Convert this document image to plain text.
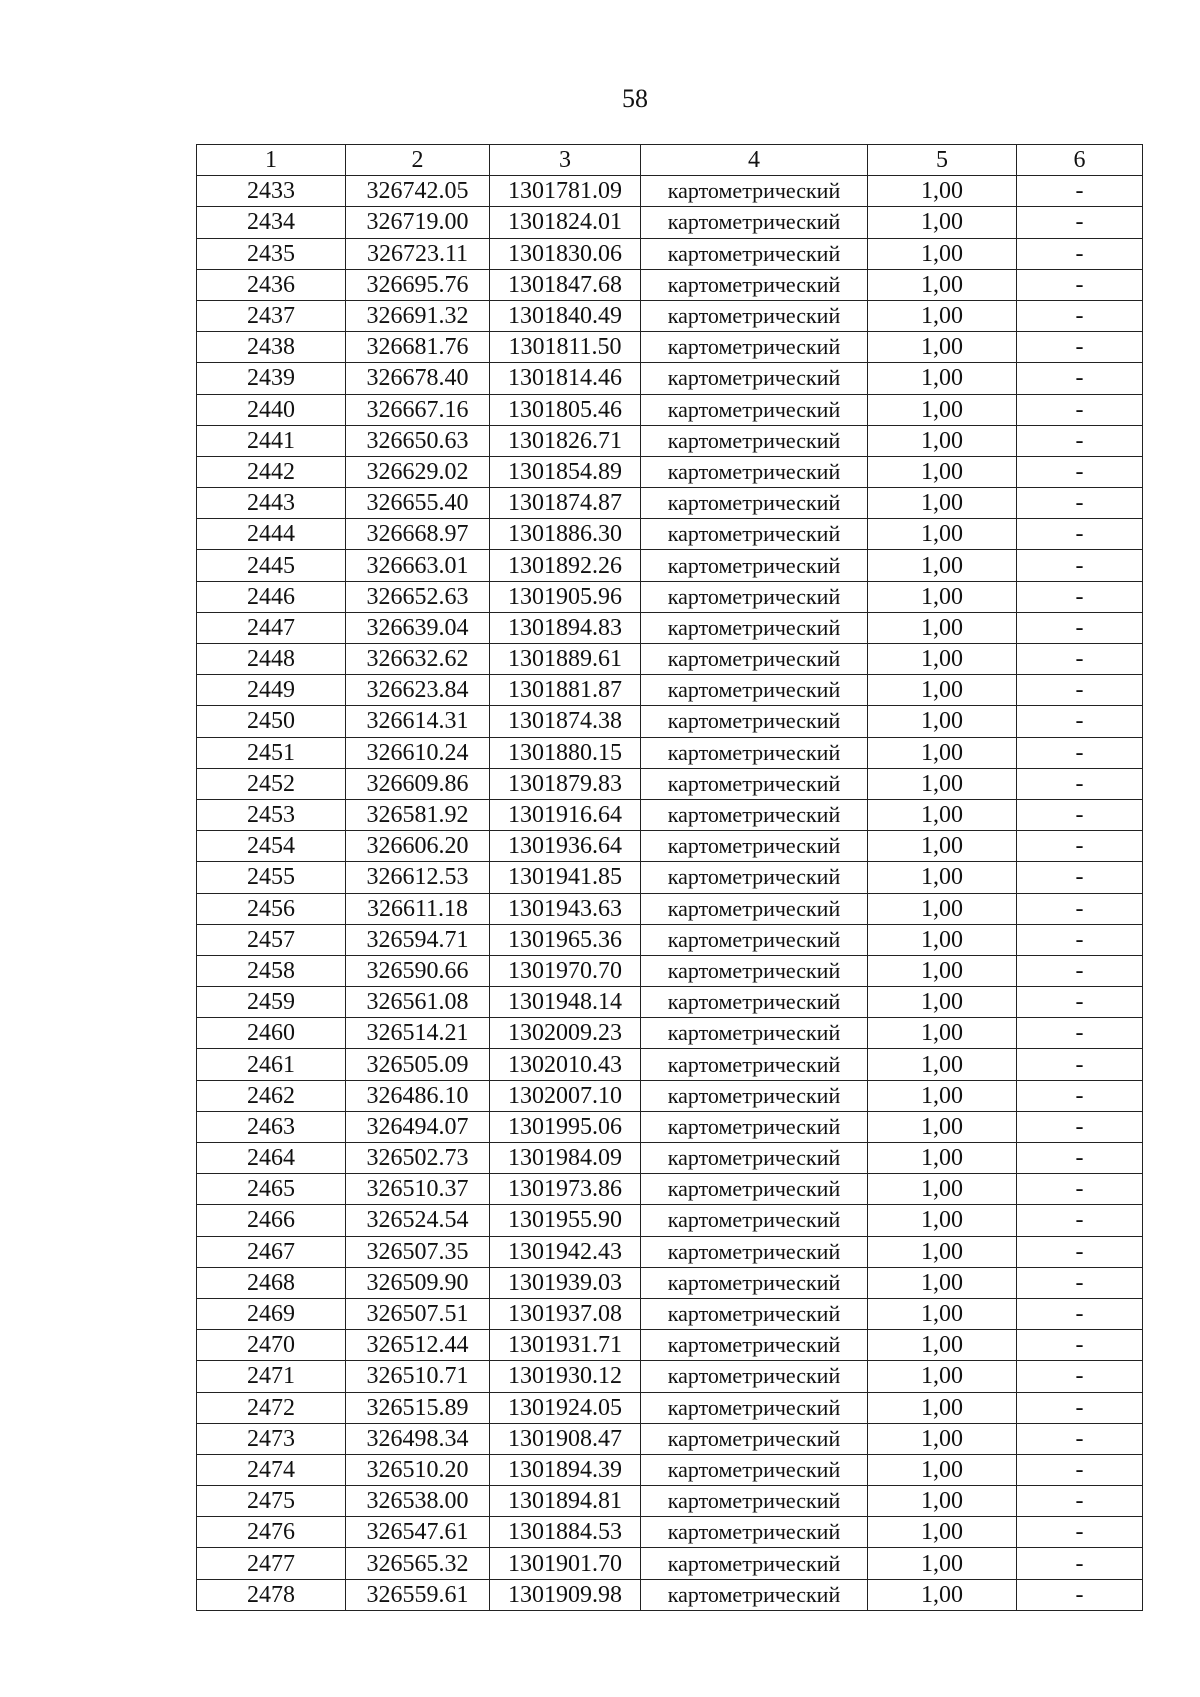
58
1	2	3	4	5	6
2433	326742.05	1301781.09	картометрический	1,00	-
2434	326719.00	1301824.01	картометрический	1,00	-
2435	326723.11	1301830.06	картометрический	1,00	-
2436	326695.76	1301847.68	картометрический	1,00	-
2437	326691.32	1301840.49	картометрический	1,00	-
2438	326681.76	1301811.50	картометрический	1,00	-
2439	326678.40	1301814.46	картометрический	1,00	-
2440	326667.16	1301805.46	картометрический	1,00	-
2441	326650.63	1301826.71	картометрический	1,00	-
2442	326629.02	1301854.89	картометрический	1,00	-
2443	326655.40	1301874.87	картометрический	1,00	-
2444	326668.97	1301886.30	картометрический	1,00	-
2445	326663.01	1301892.26	картометрический	1,00	-
2446	326652.63	1301905.96	картометрический	1,00	-
2447	326639.04	1301894.83	картометрический	1,00	-
2448	326632.62	1301889.61	картометрический	1,00	-
2449	326623.84	1301881.87	картометрический	1,00	-
2450	326614.31	1301874.38	картометрический	1,00	-
2451	326610.24	1301880.15	картометрический	1,00	-
2452	326609.86	1301879.83	картометрический	1,00	-
2453	326581.92	1301916.64	картометрический	1,00	-
2454	326606.20	1301936.64	картометрический	1,00	-
2455	326612.53	1301941.85	картометрический	1,00	-
2456	326611.18	1301943.63	картометрический	1,00	-
2457	326594.71	1301965.36	картометрический	1,00	-
2458	326590.66	1301970.70	картометрический	1,00	-
2459	326561.08	1301948.14	картометрический	1,00	-
2460	326514.21	1302009.23	картометрический	1,00	-
2461	326505.09	1302010.43	картометрический	1,00	-
2462	326486.10	1302007.10	картометрический	1,00	-
2463	326494.07	1301995.06	картометрический	1,00	-
2464	326502.73	1301984.09	картометрический	1,00	-
2465	326510.37	1301973.86	картометрический	1,00	-
2466	326524.54	1301955.90	картометрический	1,00	-
2467	326507.35	1301942.43	картометрический	1,00	-
2468	326509.90	1301939.03	картометрический	1,00	-
2469	326507.51	1301937.08	картометрический	1,00	-
2470	326512.44	1301931.71	картометрический	1,00	-
2471	326510.71	1301930.12	картометрический	1,00	-
2472	326515.89	1301924.05	картометрический	1,00	-
2473	326498.34	1301908.47	картометрический	1,00	-
2474	326510.20	1301894.39	картометрический	1,00	-
2475	326538.00	1301894.81	картометрический	1,00	-
2476	326547.61	1301884.53	картометрический	1,00	-
2477	326565.32	1301901.70	картометрический	1,00	-
2478	326559.61	1301909.98	картометрический	1,00	-
